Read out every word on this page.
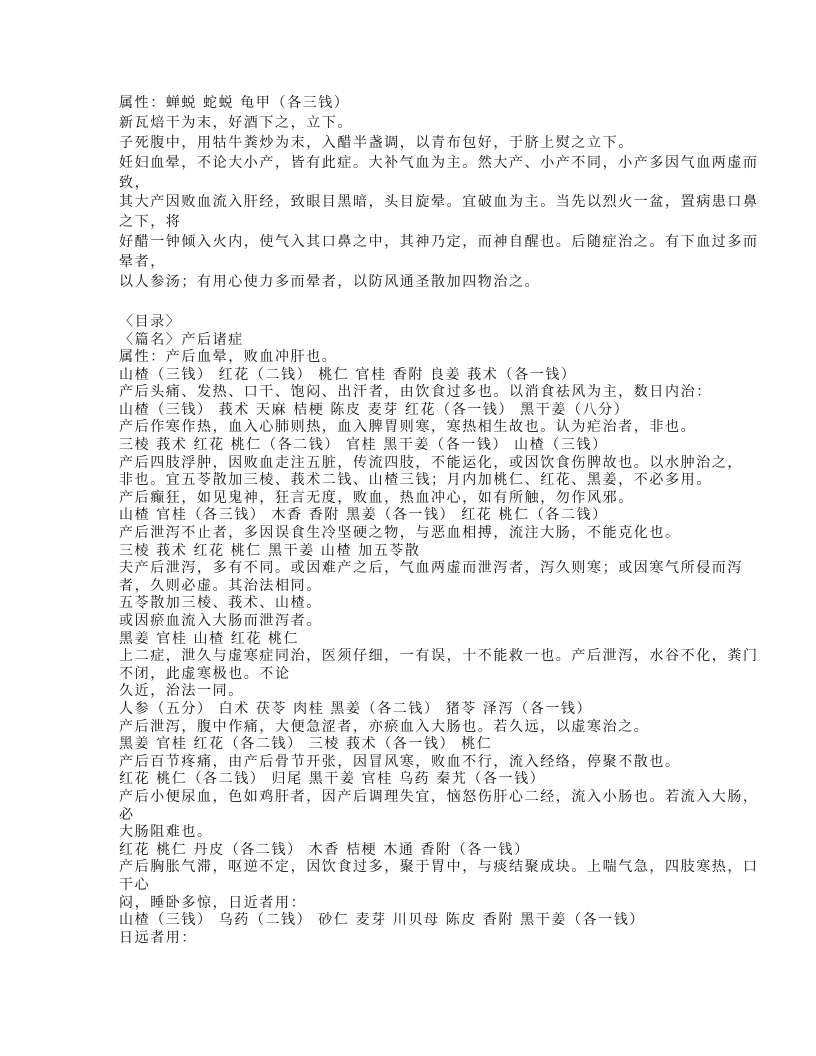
属性：蝉蜕 蛇蜕 龟甲（各三钱）
新瓦焙干为末，好酒下之，立下。
子死腹中，用牯牛粪炒为末，入醋半盏调，以青布包好，于脐上熨之立下。
妊妇血晕，不论大小产，皆有此症。大补气血为主。然大产、小产不同，小产多因气血两虚而
致，
其大产因败血流入肝经，致眼目黑暗，头目旋晕。宜破血为主。当先以烈火一盆，置病患口鼻
之下，将
好醋一钟倾入火内，使气入其口鼻之中，其神乃定，而神自醒也。后随症治之。有下血过多而
晕者，
以人参汤；有用心使力多而晕者，以防风通圣散加四物治之。
〈目录〉
〈篇名〉产后诸症
属性：产后血晕，败血冲肝也。
山楂（三钱） 红花（二钱） 桃仁 官桂 香附 良姜 莪术（各一钱）
产后头痛、发热、口干、饱闷、出汗者，由饮食过多也。以消食祛风为主，数日内治：
山楂（三钱） 莪术 天麻 桔梗 陈皮 麦芽 红花（各一钱） 黑干姜（八分）
产后作寒作热，血入心肺则热，血入脾胃则寒，寒热相生故也。认为疟治者，非也。
三棱 莪术 红花 桃仁（各二钱） 官桂 黑干姜（各一钱） 山楂（三钱）
产后四肢浮肿，因败血走注五脏，传流四肢，不能运化，或因饮食伤脾故也。以水肿治之，
非也。宜五苓散加三棱、莪术二钱、山楂三钱；月内加桃仁、红花、黑姜，不必多用。
产后癫狂，如见鬼神，狂言无度，败血，热血冲心，如有所触，勿作风邪。
山楂 官桂（各三钱） 木香 香附 黑姜（各一钱） 红花 桃仁（各二钱）
产后泄泻不止者，多因误食生冷坚硬之物，与恶血相搏，流注大肠，不能克化也。
三棱 莪术 红花 桃仁 黑干姜 山楂 加五苓散
夫产后泄泻，多有不同。或因难产之后，气血两虚而泄泻者，泻久则寒；或因寒气所侵而泻
者，久则必虚。其治法相同。
五苓散加三棱、莪术、山楂。
或因瘀血流入大肠而泄泻者。
黑姜 官桂 山楂 红花 桃仁
上二症，泄久与虚寒症同治，医须仔细，一有误，十不能救一也。产后泄泻，水谷不化，粪门
不闭，此虚寒极也。不论
久近，治法一同。
人参（五分） 白术 茯苓 肉桂 黑姜（各二钱） 猪苓 泽泻（各一钱）
产后泄泻，腹中作痛，大便急涩者，亦瘀血入大肠也。若久远，以虚寒治之。
黑姜 官桂 红花（各二钱） 三棱 莪术（各一钱） 桃仁
产后百节疼痛，由产后骨节开张，因冒风寒，败血不行，流入经络，停聚不散也。
红花 桃仁（各二钱） 归尾 黑干姜 官桂 乌药 秦艽（各一钱）
产后小便尿血，色如鸡肝者，因产后调理失宜，恼怒伤肝心二经，流入小肠也。若流入大肠，
必
大肠阻难也。
红花 桃仁 丹皮（各二钱） 木香 桔梗 木通 香附（各一钱）
产后胸胀气滞，呕逆不定，因饮食过多，聚于胃中，与痰结聚成块。上喘气急，四肢寒热，口
干心
闷，睡卧多惊，日近者用：
山楂（三钱） 乌药（二钱） 砂仁 麦芽 川贝母 陈皮 香附 黑干姜（各一钱）
日远者用：
